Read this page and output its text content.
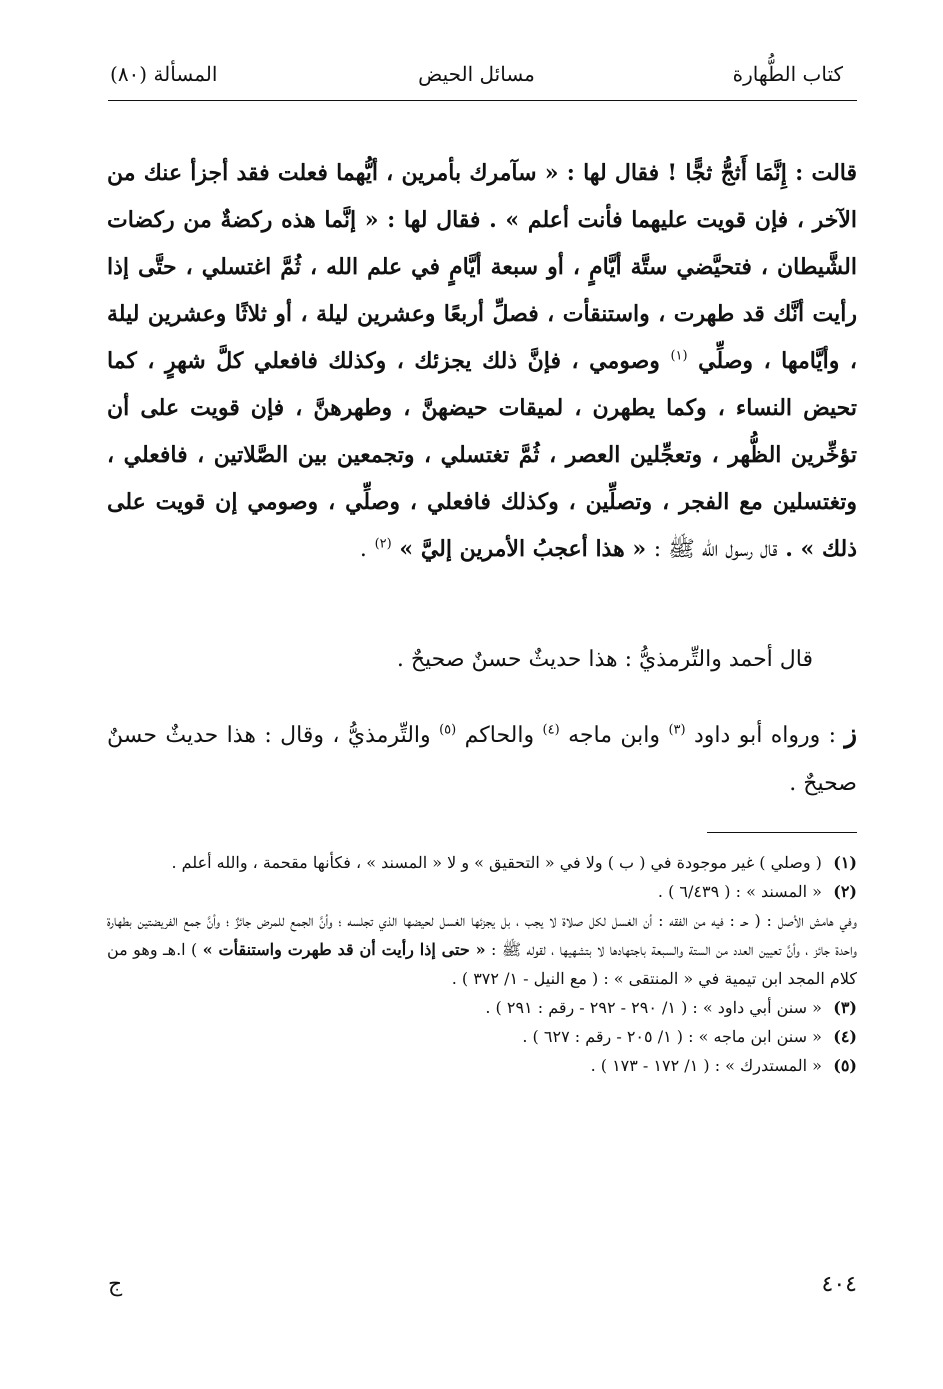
كتاب الطُّهارة
مسائل الحيض
المسألة (٨٠)
قالت : إِنَّمَا أَثجُّ ثجًّا ! فقال لها : « سآمرك بأمرين ، أيُّهما فعلت فقد أجزأ عنك من الآخر ، فإن قويت عليهما فأنت أعلم » . فقال لها : « إنَّما هذه ركضةٌ من ركضات الشَّيطان ، فتحيَّضي ستَّة أيَّامٍ ، أو سبعة أيَّامٍ في علم الله ، ثُمَّ اغتسلي ، حتَّى إذا رأيت أنَّك قد طهرت ، واستنقأت ، فصلِّ أربعًا وعشرين ليلة ، أو ثلاثًا وعشرين ليلة ، وأيَّامها ، وصلِّي $^{(١)}$ وصومي ، فإنَّ ذلك يجزئك ، وكذلك فافعلي كلَّ شهرٍ ، كما تحيض النساء ، وكما يطهرن ، لميقات حيضهنَّ ، وطهرهنَّ ، فإن قويت على أن تؤخِّرين الظُّهر ، وتعجِّلين العصر ، ثُمَّ تغتسلي ، وتجمعين بين الصَّلاتين ، فافعلي ، وتغتسلين مع الفجر ، وتصلِّين ، وكذلك فافعلي ، وصلِّي ، وصومي إن قويت على ذلك » . قال رسول الله ﷺ : « هذا أعجبُ الأمرين إليَّ » $^{(٢)}$ .
قال أحمد والتِّرمذيُّ : هذا حديثٌ حسنٌ صحيحٌ .
ز : ورواه أبو داود $^{(٣)}$ وابن ماجه $^{(٤)}$ والحاكم $^{(٥)}$ والتِّرمذيُّ ، وقال : هذا حديثٌ حسنٌ صحيحٌ .
(١) ( وصلي ) غير موجودة في ( ب ) ولا في « التحقيق » و لا « المسند » ، فكأنها مقحمة ، والله أعلم .
(٢) « المسند » : ( ٦/٤٣٩ ) .
وفي هامش الأصل : ( حـ : فيه من الفقه : أن الغسل لكل صلاة لا يجب ، بل يجزئها الغسل لحيضها الذي تجلسه ؛ وأنَّ الجمع للمرض جائزٌ ؛ وأنَّ جمع الفريضتين بطهارة واحدة جائز ، وأنَّ تعيين العدد من الستة والسبعة باجتهادها لا بتشهيها ، لقوله ﷺ : « حتى إذا رأيت أن قد طهرت واستنقأت » ) ا.هـ وهو من كلام المجد ابن تيمية في « المنتقى » : ( مع النيل - ١/ ٣٧٢ ) .
(٣) « سنن أبي داود » : ( ١/ ٢٩٠ - ٢٩٢ - رقم : ٢٩١ ) .
(٤) « سنن ابن ماجه » : ( ١/ ٢٠٥ - رقم : ٦٢٧ ) .
(٥) « المستدرك » : ( ١/ ١٧٢ - ١٧٣ ) .
٤٠٤
ج
